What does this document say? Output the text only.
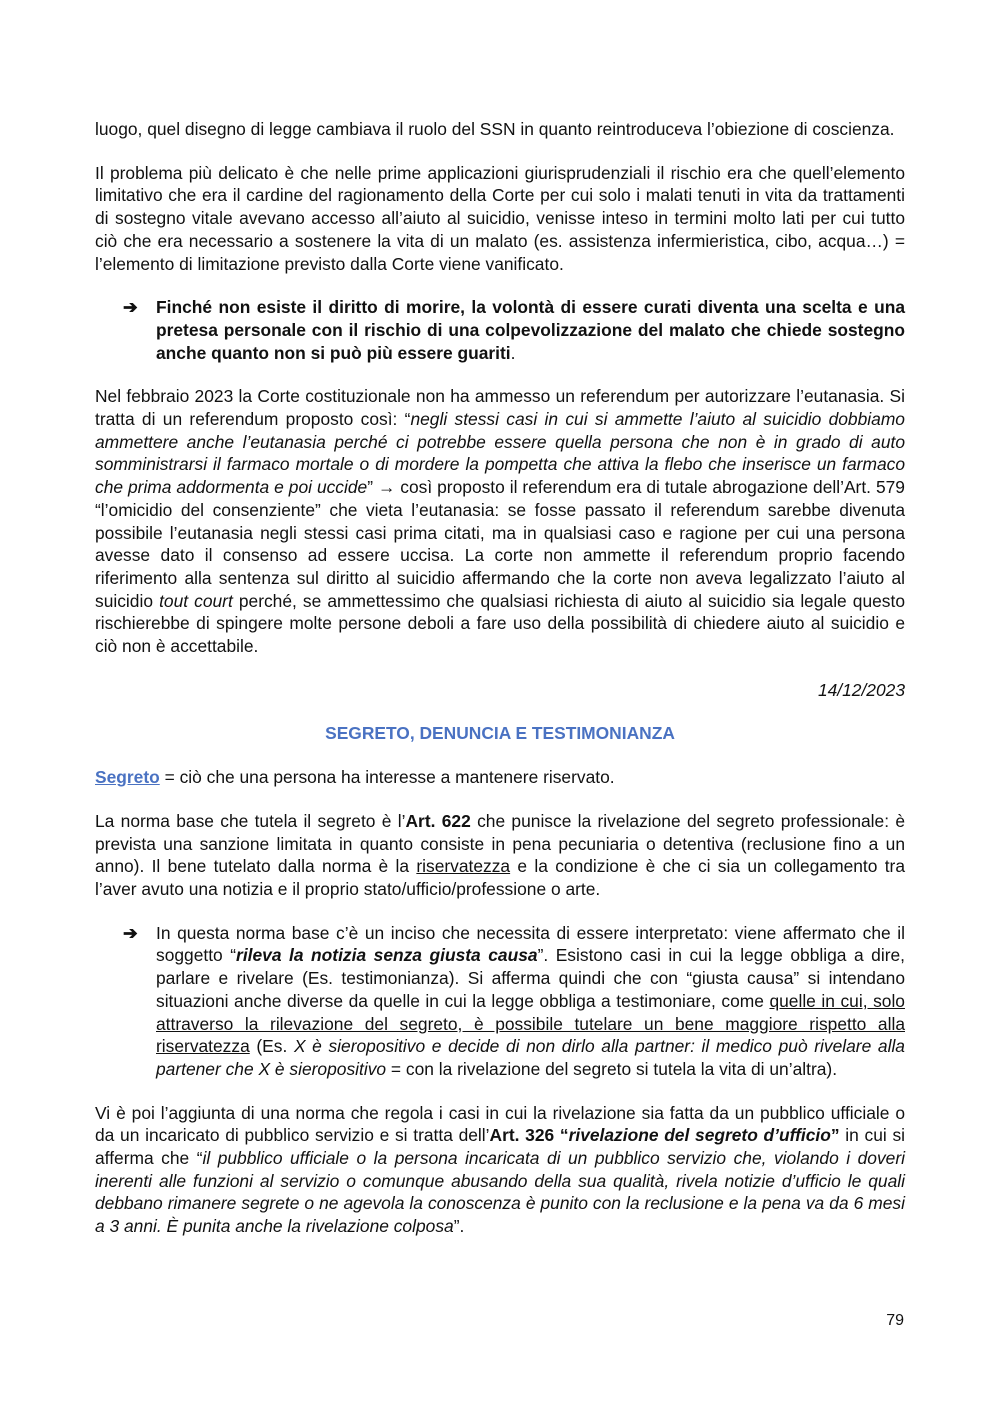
luogo, quel disegno di legge cambiava il ruolo del SSN in quanto reintroduceva l’obiezione di coscienza.

Il problema più delicato è che nelle prime applicazioni giurisprudenziali il rischio era che quell’elemento limitativo che era il cardine del ragionamento della Corte per cui solo i malati tenuti in vita da trattamenti di sostegno vitale avevano accesso all’aiuto al suicidio, venisse inteso in termini molto lati per cui tutto ciò che era necessario a sostenere la vita di un malato (es. assistenza infermieristica, cibo, acqua…) = l’elemento di limitazione previsto dalla Corte viene vanificato.

➔ Finché non esiste il diritto di morire, la volontà di essere curati diventa una scelta e una pretesa personale con il rischio di una colpevolizzazione del malato che chiede sostegno anche quanto non si può più essere guariti.

Nel febbraio 2023 la Corte costituzionale non ha ammesso un referendum per autorizzare l’eutanasia. Si tratta di un referendum proposto così: “negli stessi casi in cui si ammette l’aiuto al suicidio dobbiamo ammettere anche l’eutanasia perché ci potrebbe essere quella persona che non è in grado di auto somministrarsi il farmaco mortale o di mordere la pompetta che attiva la flebo che inserisce un farmaco che prima addormenta e poi uccide” → così proposto il referendum era di tutale abrogazione dell’Art. 579 “l’omicidio del consenziente” che vieta l’eutanasia: se fosse passato il referendum sarebbe divenuta possibile l’eutanasia negli stessi casi prima citati, ma in qualsiasi caso e ragione per cui una persona avesse dato il consenso ad essere uccisa. La corte non ammette il referendum proprio facendo riferimento alla sentenza sul diritto al suicidio affermando che la corte non aveva legalizzato l’aiuto al suicidio tout court perché, se ammettessimo che qualsiasi richiesta di aiuto al suicidio sia legale questo rischierebbe di spingere molte persone deboli a fare uso della possibilità di chiedere aiuto al suicidio e ciò non è accettabile.

14/12/2023
SEGRETO, DENUNCIA E TESTIMONIANZA

Segreto = ciò che una persona ha interesse a mantenere riservato.

La norma base che tutela il segreto è l’Art. 622 che punisce la rivelazione del segreto professionale: è prevista una sanzione limitata in quanto consiste in pena pecuniaria o detentiva (reclusione fino a un anno). Il bene tutelato dalla norma è la riservatezza e la condizione è che ci sia un collegamento tra l’aver avuto una notizia e il proprio stato/ufficio/professione o arte.

➔ In questa norma base c’è un inciso che necessita di essere interpretato: viene affermato che il soggetto “rileva la notizia senza giusta causa”. Esistono casi in cui la legge obbliga a dire, parlare e rivelare (Es. testimonianza). Si afferma quindi che con “giusta causa” si intendano situazioni anche diverse da quelle in cui la legge obbliga a testimoniare, come quelle in cui, solo attraverso la rilevazione del segreto, è possibile tutelare un bene maggiore rispetto alla riservatezza (Es. X è sieropositivo e decide di non dirlo alla partner: il medico può rivelare alla partener che X è sieropositivo = con la rivelazione del segreto si tutela la vita di un’altra).

Vi è poi l’aggiunta di una norma che regola i casi in cui la rivelazione sia fatta da un pubblico ufficiale o da un incaricato di pubblico servizio e si tratta dell’Art. 326 “rivelazione del segreto d’ufficio” in cui si afferma che “il pubblico ufficiale o la persona incaricata di un pubblico servizio che, violando i doveri inerenti alle funzioni al servizio o comunque abusando della sua qualità, rivela notizie d’ufficio le quali debbano rimanere segrete o ne agevola la conoscenza è punito con la reclusione e la pena va da 6 mesi a 3 anni. È punita anche la rivelazione colposa”.

79
